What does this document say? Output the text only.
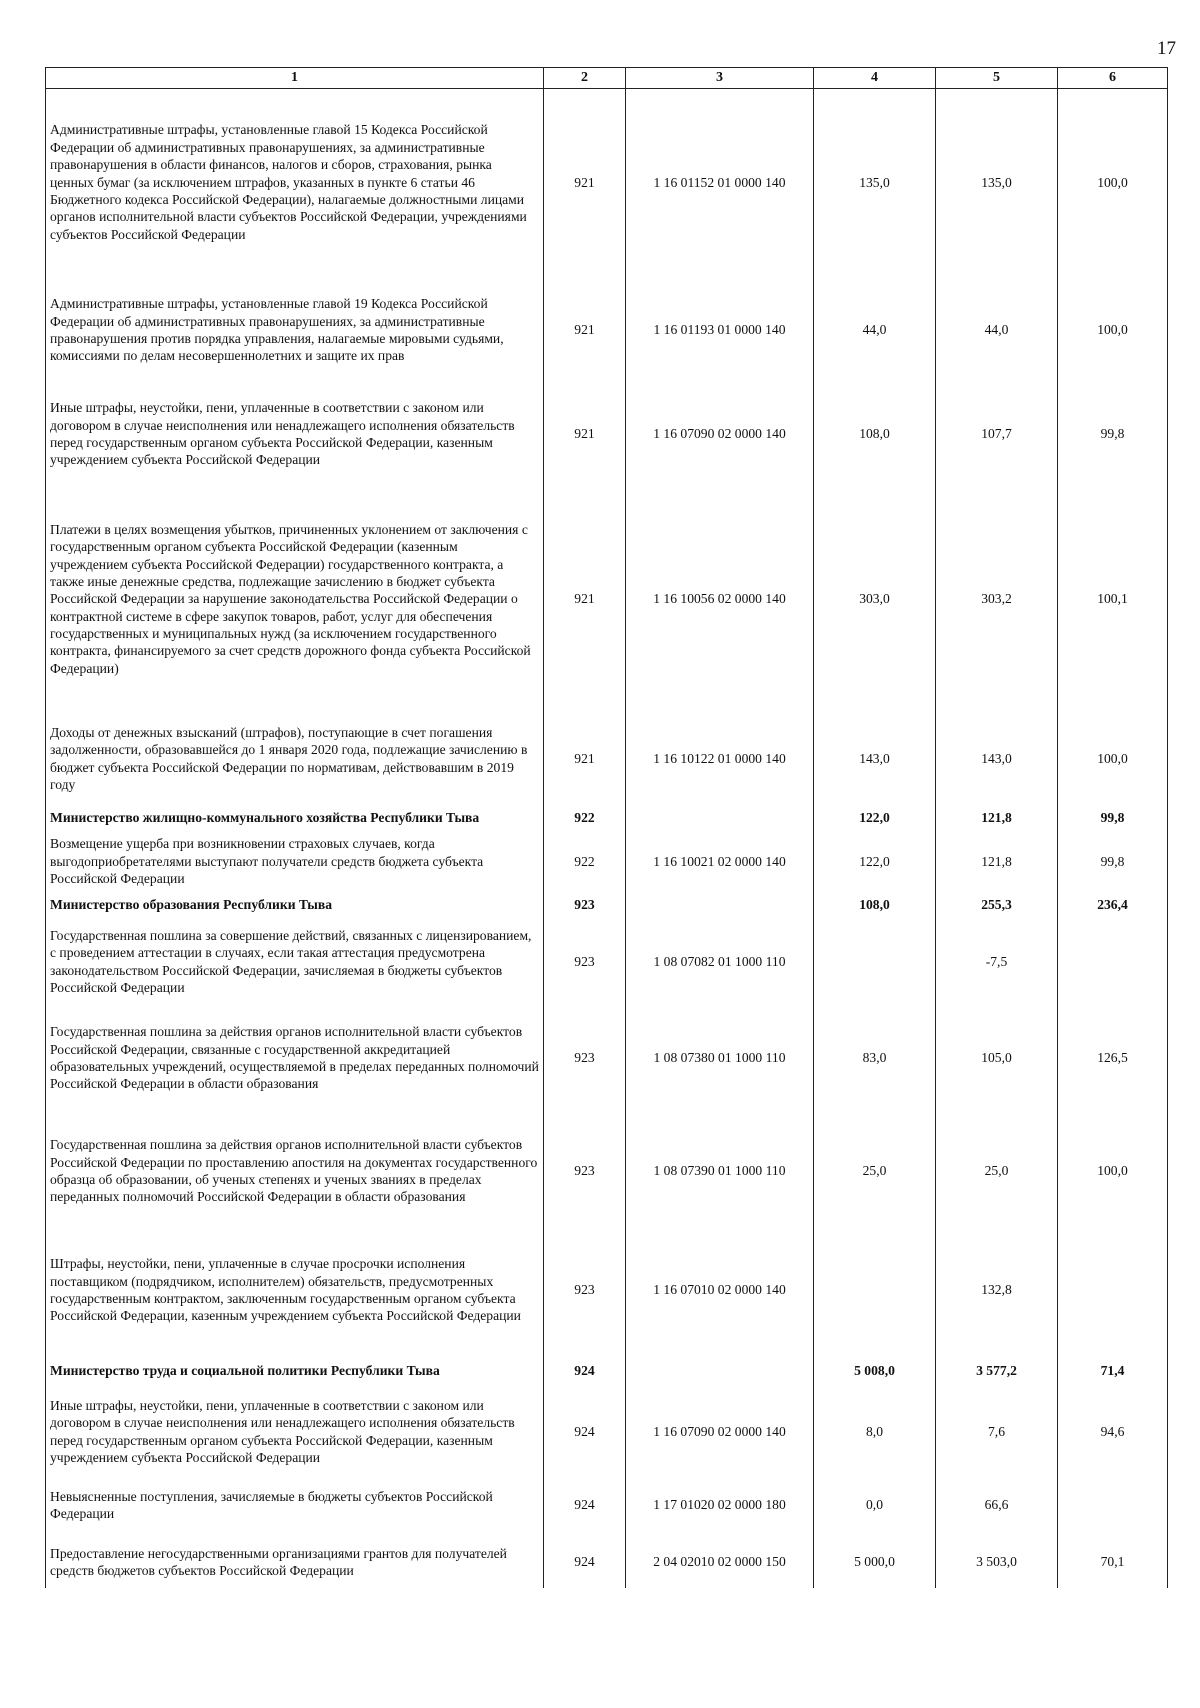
17
1	2	3	4	5	6
Административные штрафы, установленные главой 15 Кодекса Российской Федерации об административных правонарушениях, за административные правонарушения в области финансов, налогов и сборов, страхования, рынка ценных бумаг (за исключением штрафов, указанных в пункте 6 статьи 46 Бюджетного кодекса Российской Федерации), налагаемые должностными лицами органов исполнительной власти субъектов Российской Федерации, учреждениями субъектов Российской Федерации	921	1 16 01152 01 0000 140	135,0	135,0	100,0
Административные штрафы, установленные главой 19 Кодекса Российской Федерации об административных правонарушениях, за административные правонарушения против порядка управления, налагаемые мировыми судьями, комиссиями по делам несовершеннолетних и защите их прав	921	1 16 01193 01 0000 140	44,0	44,0	100,0
Иные штрафы, неустойки, пени, уплаченные в соответствии с законом или договором в случае неисполнения или ненадлежащего исполнения обязательств перед государственным органом субъекта Российской Федерации, казенным учреждением субъекта Российской Федерации	921	1 16 07090 02 0000 140	108,0	107,7	99,8
Платежи в целях возмещения убытков, причиненных уклонением от заключения с государственным органом субъекта Российской Федерации (казенным учреждением субъекта Российской Федерации) государственного контракта, а также иные денежные средства, подлежащие зачислению в бюджет субъекта Российской Федерации за нарушение законодательства Российской Федерации о контрактной системе в сфере закупок товаров, работ, услуг для обеспечения государственных и муниципальных нужд (за исключением государственного контракта, финансируемого за счет средств дорожного фонда субъекта Российской Федерации)	921	1 16 10056 02 0000 140	303,0	303,2	100,1
Доходы от денежных взысканий (штрафов), поступающие в счет погашения задолженности, образовавшейся до 1 января 2020 года, подлежащие зачислению в бюджет субъекта Российской Федерации по нормативам, действовавшим в 2019 году	921	1 16 10122 01 0000 140	143,0	143,0	100,0
Министерство жилищно-коммунального хозяйства Республики Тыва	922		122,0	121,8	99,8
Возмещение ущерба при возникновении страховых случаев, когда выгодоприобретателями выступают получатели средств бюджета субъекта Российской Федерации	922	1 16 10021 02 0000 140	122,0	121,8	99,8
Министерство образования Республики Тыва	923		108,0	255,3	236,4
Государственная пошлина за совершение действий, связанных с лицензированием, с проведением аттестации в случаях, если такая аттестация предусмотрена законодательством Российской Федерации, зачисляемая в бюджеты субъектов Российской Федерации	923	1 08 07082 01 1000 110		-7,5	
Государственная пошлина за действия органов исполнительной власти субъектов Российской Федерации, связанные с государственной аккредитацией образовательных учреждений, осуществляемой в пределах переданных полномочий Российской Федерации в области образования	923	1 08 07380 01 1000 110	83,0	105,0	126,5
Государственная пошлина за действия органов исполнительной власти субъектов Российской Федерации по проставлению апостиля на документах государственного образца об образовании, об ученых степенях и ученых званиях в пределах переданных полномочий Российской Федерации в области образования	923	1 08 07390 01 1000 110	25,0	25,0	100,0
Штрафы, неустойки, пени, уплаченные в случае просрочки исполнения поставщиком (подрядчиком, исполнителем) обязательств, предусмотренных государственным контрактом, заключенным государственным органом субъекта Российской Федерации, казенным учреждением субъекта Российской Федерации	923	1 16 07010 02 0000 140		132,8	
Министерство труда и социальной политики Республики Тыва	924		5 008,0	3 577,2	71,4
Иные штрафы, неустойки, пени, уплаченные в соответствии с законом или договором в случае неисполнения или ненадлежащего исполнения обязательств перед государственным органом субъекта Российской Федерации, казенным учреждением субъекта Российской Федерации	924	1 16 07090 02 0000 140	8,0	7,6	94,6
Невыясненные поступления, зачисляемые в бюджеты субъектов Российской Федерации	924	1 17 01020 02 0000 180	0,0	66,6	
Предоставление негосударственными организациями грантов для получателей средств бюджетов субъектов Российской Федерации	924	2 04 02010 02 0000 150	5 000,0	3 503,0	70,1
